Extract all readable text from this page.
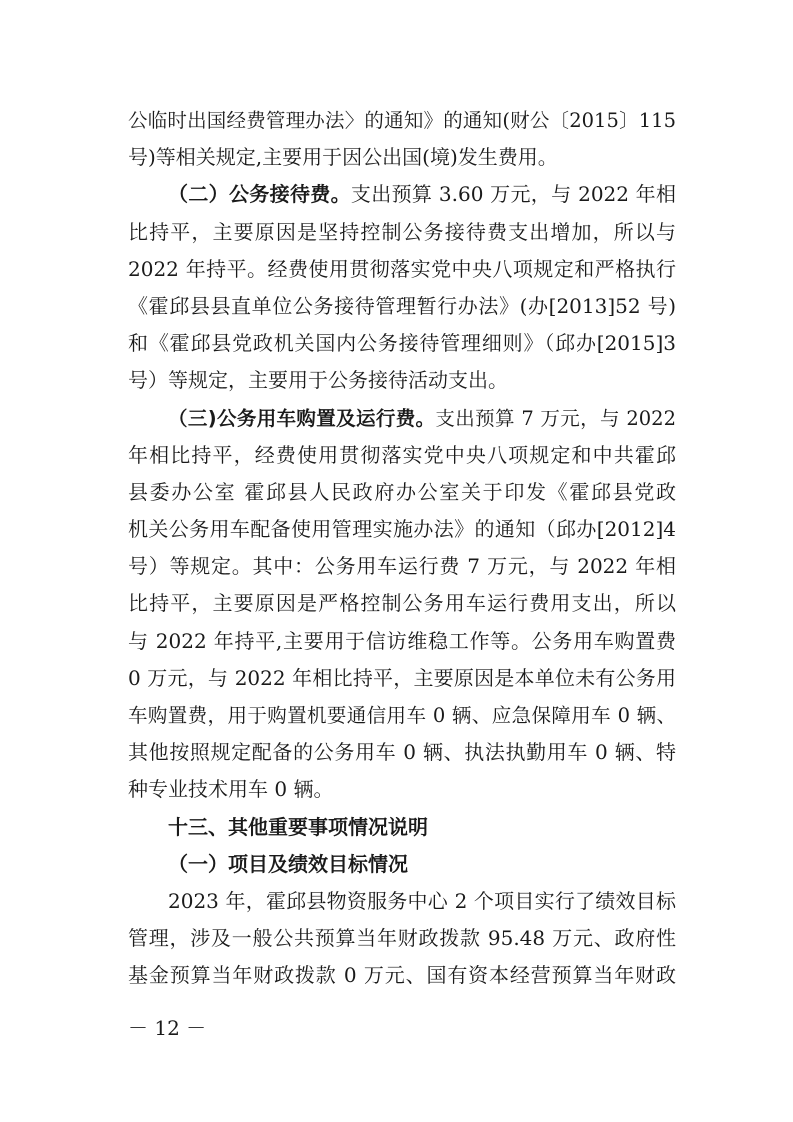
公临时出国经费管理办法〉的通知》的通知(财公〔2015〕115
号)等相关规定,主要用于因公出国(境)发生费用。
（二）公务接待费。支出预算 3.60 万元，与 2022 年相
比持平，主要原因是坚持控制公务接待费支出增加，所以与
2022 年持平。经费使用贯彻落实党中央八项规定和严格执行
《霍邱县县直单位公务接待管理暂行办法》(办[2013]52 号)
和《霍邱县党政机关国内公务接待管理细则》（邱办[2015]3
号）等规定，主要用于公务接待活动支出。
（三)公务用车购置及运行费。支出预算 7 万元，与 2022
年相比持平，经费使用贯彻落实党中央八项规定和中共霍邱
县委办公室 霍邱县人民政府办公室关于印发《霍邱县党政
机关公务用车配备使用管理实施办法》的通知（邱办[2012]4
号）等规定。其中：公务用车运行费 7 万元，与 2022 年相
比持平，主要原因是严格控制公务用车运行费用支出，所以
与 2022 年持平,主要用于信访维稳工作等。公务用车购置费
0 万元，与 2022 年相比持平，主要原因是本单位未有公务用
车购置费，用于购置机要通信用车 0 辆、应急保障用车 0 辆、
其他按照规定配备的公务用车 0 辆、执法执勤用车 0 辆、特
种专业技术用车 0 辆。
十三、其他重要事项情况说明
（一）项目及绩效目标情况
2023 年，霍邱县物资服务中心 2 个项目实行了绩效目标
管理，涉及一般公共预算当年财政拨款 95.48 万元、政府性
基金预算当年财政拨款 0 万元、国有资本经营预算当年财政
－ 12 －
